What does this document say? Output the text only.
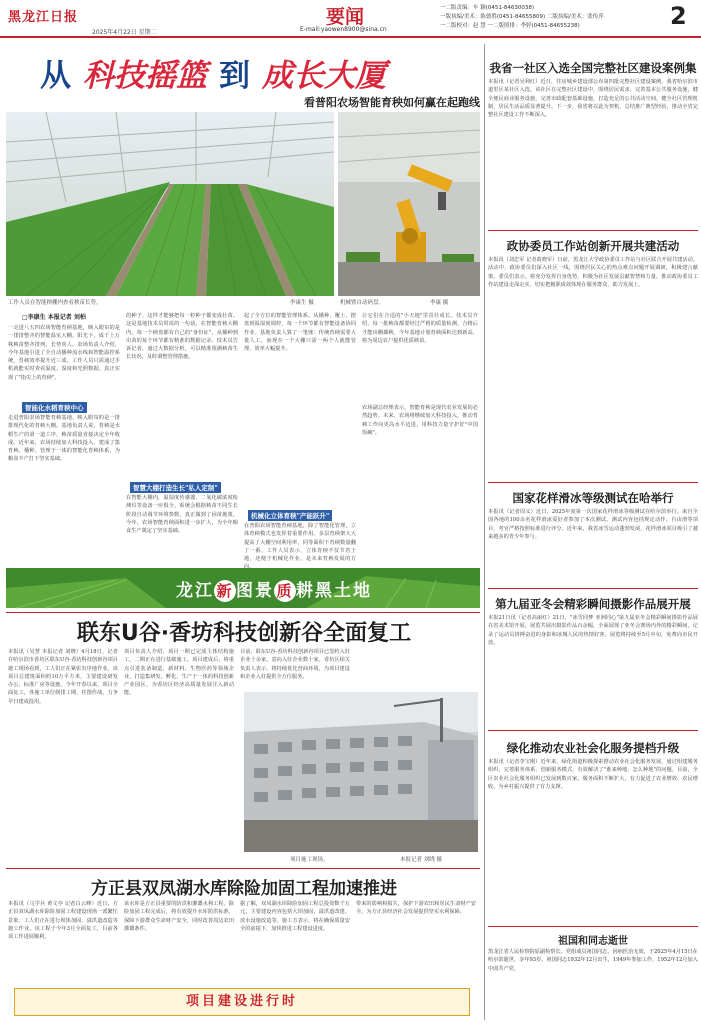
黑龙江日报
2025年4月22日 星期二
要闻
E-mail:yaowen8900@sina.cn
一二版责编：车 颖(0451-84630038)
一版执编/美术：陈德胜(0451-84655809) 二版执编/美术：张传萍
一二版校对：赵 慧 一二版照排：李婷(0451-84655238)	2
从 科技摇篮 到 成长大厦
看普阳农场智能育秧如何赢在起跑线
工作人员在智能秧棚内查看秧苗长势。	李康生 摄	机械臂自动码盘。	李康 摄
□李康生 本报记者 刘柏
一走进八五四农场智能育秧基地，映入眼帘的是一排排整齐的智能温室大棚。阳光下，成千上万株秧苗整齐排列，长势喜人。农场负责人介绍，今年基地引进了全自动播种流水线和智能温控系统，育秧效率提升近三成。工作人员只需通过手机就能实时查看温度、湿度和光照数据，真正实现了"指尖上的育秧"。
智能化水稻育秧中心
走进普阳农场智能育秧基地，映入眼帘的是一排排现代化的育秧大棚。基地负责人说，育秧是水稻生产的第一道工序，秧苗质量直接决定全年收成。近年来，农场持续加大科技投入，建成了集育秧、播种、管理于一体的智能化育秧体系，为粮食丰产打下坚实基础。
的种子，这样才能够把每一粒种子都变成壮苗。这是基地技术员常说的一句话。在智能育秧大棚内，每一个秧盘都有自己的"身份证"，从播种到出苗的每个环节都有精准的数据记录。技术员告诉记者，通过大数据分析，可以精准预测秧苗生长状况，及时调整管理措施。
智慧大棚打造生长"私人定制"
在智能大棚内，温湿度传感器、二氧化碳浓度检测仪等设备一应俱全。系统会根据秧苗不同生长阶段自动调节环境参数，真正做到了因苗施策。今年，农场智能育秧面积进一步扩大，为全年粮食生产奠定了坚实基础。
起了全方位的智能管理体系。从播种、覆土、摆盘到温湿度调控，每一个环节都有智能设备协同作业。基地负责人算了一笔账：传统育秧需要大量人工，而现在一个大棚只需一两个人就能管理，效率大幅提升。
机械化立体育秧"产能跃升"
在普阳农场智能育秧基地，除了智能化管理，立体育秧模式也发挥着重要作用。多层育秧架大大提高了大棚空间利用率，同等面积下育秧数量翻了一番。工作人员表示，立体育秧不仅节省土地，还便于机械化作业，是未来育秧发展的方
让它们在合适的"小天地"里茁壮成长。技术员介绍，每一批秧苗都要经过严格的质量检测，合格后才能出棚插秧。今年基地计划育秧面积达到新高，将为周边农户提供优质秧苗。
农场副总经理表示，智能育秧是现代农业发展的必然趋势。未来，农场将继续加大科技投入，推动育秧工作向更高水平迈进，用科技力量守护好"中国饭碗"。
龙江 新 图景 质 耕黑土地
联东U谷·香坊科技创新谷全面复工
本报讯（吴慧 本报记者 刘晓）4月18日，记者在哈尔滨市香坊区联东U谷·香坊科技创新谷项目施工现场看到，工人们正在紧张有序地作业。该项目总建筑面积约10万平方米，主要建设研发办公、标准厂房等设施。今年开春以来，项目全面复工，各施工单位倒排工期、挂图作战，力争早日建成投用。
项目负责人介绍，项目一期已完成主体结构施工，二期正在进行基础施工。项目建成后，将重点引进装备制造、新材料、生物医药等领域企业，打造集研发、孵化、生产于一体的科技创新产业园区，为香坊区经济高质量发展注入新动能。
目前，联东U谷·香坊科技创新谷项目已签约入驻企业十余家，意向入驻企业数十家。香坊区相关负责人表示，将持续优化营商环境，为项目建设和企业入驻提供全方位服务。
项目施工现场。	本报记者 刘晓 摄
方正县双凤湖水库除险加固工程加速推进
本报讯（马学兵 黄文亭 记者白云峰）近日，方正县双凤湖水库除险加固工程建设现场一派繁忙景象。工人们正在进行坝体加固、溢洪道改造等施工作业。该工程于今年3月全面复工，目前各项工作进展顺利。
该水库是方正县重要的防洪和灌溉水利工程，除险加固工程完成后，将有效提升水库防洪标准，保障下游群众生命财产安全，同时改善周边农田灌溉条件。
据了解，双凤湖水库除险加固工程总投资数千万元，主要建设内容包括大坝加固、溢洪道改建、放水设施改造等。施工方表示，将在确保质量安全的前提下，加快推进工程建设进度。
带来的影响和损失，保护下游农田和居民生命财产安全，为方正县经济社会发展提供坚实水利保障。
项目建设进行时
我省一社区入选全国完整社区建设案例集
本报讯（记者吴利红）近日，住房城乡建设部公布第四批完整社区建设案例，我省哈尔滨市道里区某社区入选。该社区在完整社区建设中，围绕居民需求，完善基本公共服务设施，健全便民商业服务设施，完善市政配套基础设施，打造充足的公共活动空间，健全社区管理机制，居民生活品质显著提升。下一步，我省将以此为契机，总结推广典型经验，推动全省完整社区建设工作不断深入。
政协委员工作站创新开展共建活动
本报讯（刘忠军 记者葛晓军）日前，黑龙江大学政协委员工作站与社区联合开展共建活动。活动中，政协委员们深入社区一线，围绕居民关心的热点难点问题开展调研，积极建言献策。委员们表示，将充分发挥自身优势，积极为社区发展贡献智慧和力量，推动政协委员工作站建设走深走实，切实把履职成效体现在服务群众、助力发展上。
国家花样滑冰等级测试在哈举行
本报讯（记者周义）近日，2025年度第一次国家花样滑冰等级测试在哈尔滨举行。来自全国各地的100余名花样滑冰爱好者参加了本次测试。测试内容包括规定动作、自由滑等项目，考官严格按照标准进行评分。近年来，我省冰雪运动蓬勃发展，花样滑冰项目吸引了越来越多的青少年参与。
第九届亚冬会精彩瞬间摄影作品展开展
本报21日讯（记者高丽红）21日，"冰雪同梦 亚洲同心"第九届亚冬会精彩瞬间摄影作品展在省美术馆开展。展览共展出摄影作品百余幅，全面展现了亚冬会赛场内外的精彩瞬间，记录了运动员拼搏奋进的身影和冰城人民的热情好客。展览将持续至5月中旬，免费向市民开放。
绿化推动农业社会化服务提档升级
本报讯（记者李宝刚）近年来，绿化街道积极探索推动农业社会化服务发展，通过组建服务组织、完善服务体系、创新服务模式，有效解决了"谁来种地、怎么种地"的问题。目前，全区农业社会化服务组织已发展到数百家，服务面积不断扩大，有力促进了农业增效、农民增收，为乡村振兴提供了有力支撑。
祖国和同志逝世
黑龙江省人民检察院原副检察长、党组成员祖国同志，因病医治无效，于2025年4月15日在哈尔滨逝世，享年93岁。祖国同志1932年12月出生，1949年参加工作，1952年12月加入中国共产党。
